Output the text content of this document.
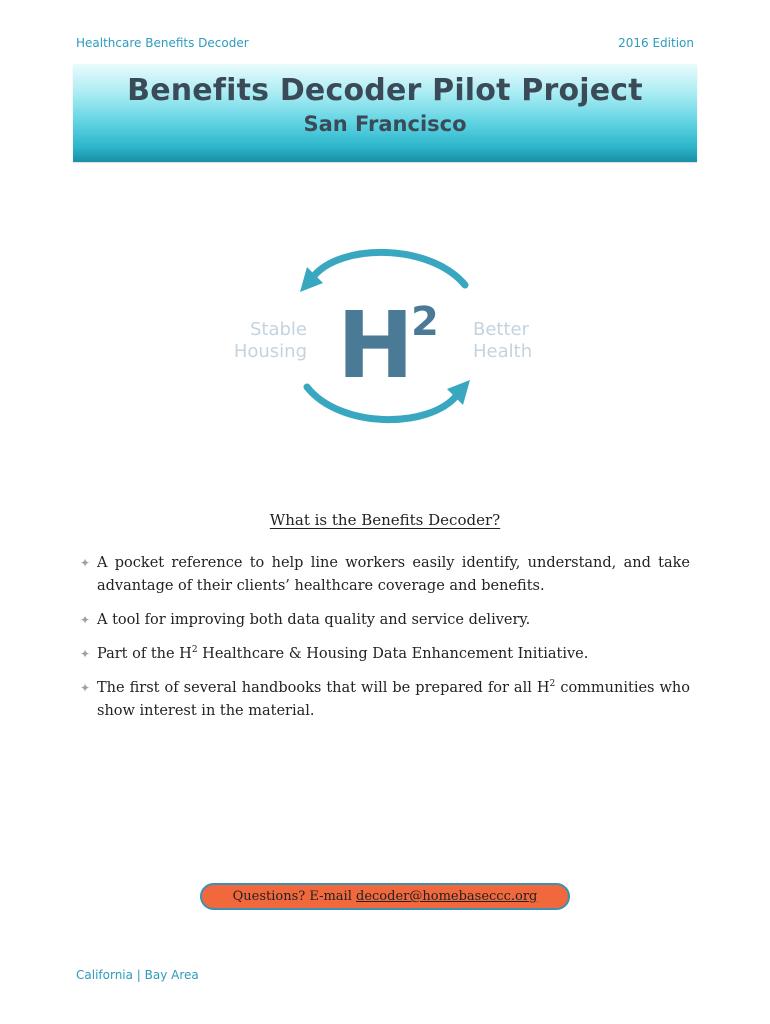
Healthcare Benefits Decoder	2016 Edition
Benefits Decoder Pilot Project
San Francisco
H
2
Stable
Housing
Better
Health
What is the Benefits Decoder?
✦ A pocket reference to help line workers easily identify, understand, and take advantage of their clients’ healthcare coverage and benefits.
✦ A tool for improving both data quality and service delivery.
✦ Part of the $H^2$ Healthcare & Housing Data Enhancement Initiative.
✦ The first of several handbooks that will be prepared for all $H^2$ communities who show interest in the material.
Questions? E-mail decoder@homebaseccc.org
California | Bay Area
